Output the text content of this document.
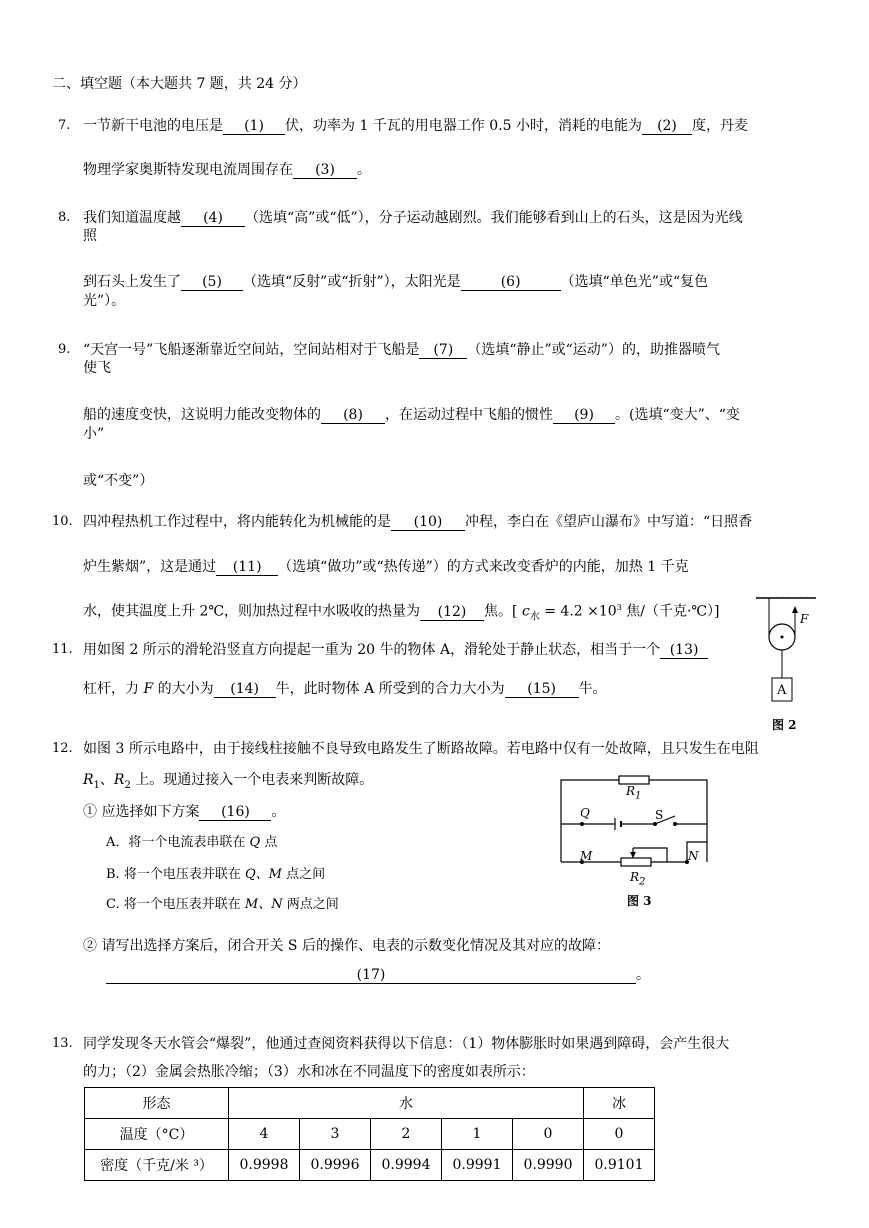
二、填空题（本大题共 7 题，共 24 分）
7. 一节新干电池的电压是 (1) 伏，功率为 1 千瓦的用电器工作 0.5 小时，消耗的电能为 (2) 度，丹麦
物理学家奥斯特发现电流周围存在 (3) 。
8. 我们知道温度越 (4) （选填“高”或“低”），分子运动越剧烈。我们能够看到山上的石头，这是因为光线
照
到石头上发生了 (5) （选填“反射”或“折射”），太阳光是	(6)	（选填“单色光”或“复色
光”）。
9. “天宫一号”飞船逐渐靠近空间站，空间站相对于飞船是 (7) （选填“静止”或“运动”）的，助推器喷气
使飞
船的速度变快，这说明力能改变物体的 (8) ，在运动过程中飞船的惯性 (9) 。(选填“变大”、“变
小”
或“不变”）
10. 四冲程热机工作过程中，将内能转化为机械能的是 (10) 冲程，李白在《望庐山瀑布》中写道：“日照香
炉生紫烟”，这是通过 (11) （选填“做功”或“热传递”）的方式来改变香炉的内能，加热 1 千克
水，使其温度上升 2℃，则加热过程中水吸收的热量为 (12) 焦。[ $c_水 = 4.2 \times 10^3$ 焦/（千克·℃）]
11. 用如图 2 所示的滑轮沿竖直方向提起一重为 20 牛的物体 A，滑轮处于静止状态，相当于一个 (13)
杠杆，力 F 的大小为 (14) 牛，此时物体 A 所受到的合力大小为 (15) 牛。
F
A
图 2
12. 如图 3 所示电路中，由于接线柱接触不良导致电路发生了断路故障。若电路中仅有一处故障，且只发生在电阻
$R_1$、$R_2$ 上。现通过接入一个电表来判断故障。
① 应选择如下方案 (16) 。
A．将一个电流表串联在 Q 点
B. 将一个电压表并联在 Q、M 点之间
C. 将一个电压表并联在 M、N 两点之间
② 请写出选择方案后，闭合开关 S 后的操作、电表的示数变化情况及其对应的故障：
(17)	。
$R_1$
Q	S
M	N
$R_2$
图 3
13. 同学发现冬天水管会“爆裂”，他通过查阅资料获得以下信息：（1）物体膨胀时如果遇到障碍，会产生很大
的力；（2）金属会热胀冷缩；（3）水和冰在不同温度下的密度如表所示：
形态	水					冰
温度（°C）	4	3	2	1	0	0
密度（千克/米 ³）	0.9998	0.9996	0.9994	0.9991	0.9990	0.9101
